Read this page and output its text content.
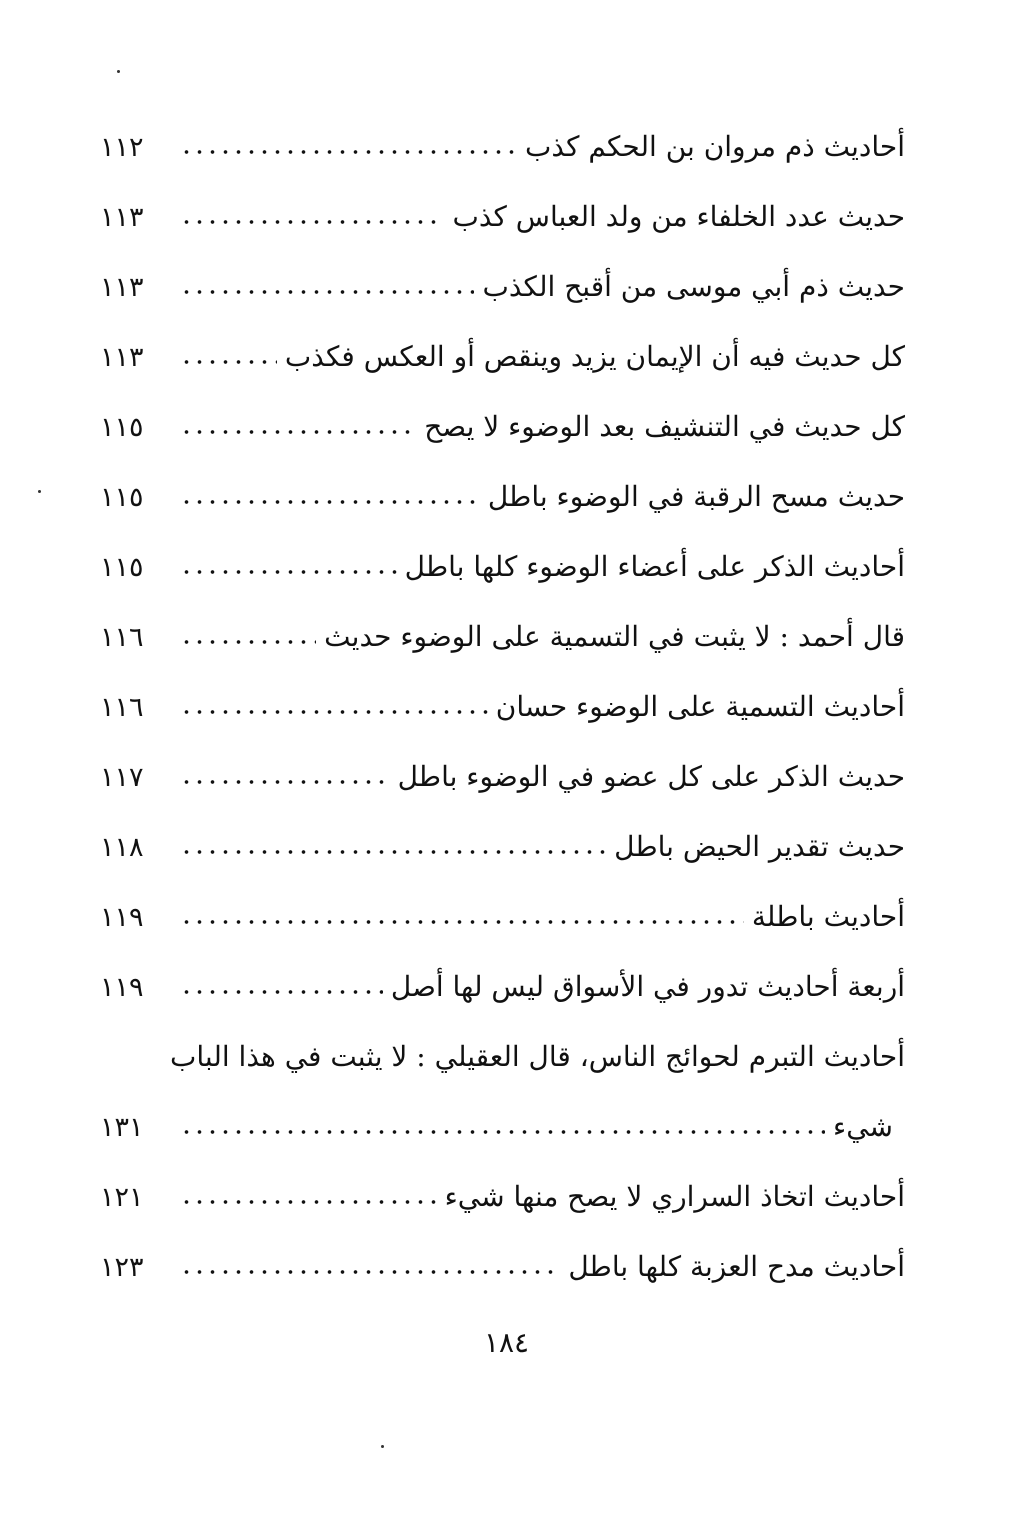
أحاديث ذم مروان بن الحكم كذب
١١٢
حديث عدد الخلفاء من ولد العباس كذب
١١٣
حديث ذم أبي موسى من أقبح الكذب
١١٣
كل حديث فيه أن الإيمان يزيد وينقص أو العكس فكذب
١١٣
كل حديث في التنشيف بعد الوضوء لا يصح
١١٥
حديث مسح الرقبة في الوضوء باطل
١١٥
أحاديث الذكر على أعضاء الوضوء كلها باطل
١١٥
قال أحمد : لا يثبت في التسمية على الوضوء حديث
١١٦
أحاديث التسمية على الوضوء حسان
١١٦
حديث الذكر على كل عضو في الوضوء باطل
١١٧
حديث تقدير الحيض باطل
١١٨
أحاديث باطلة
١١٩
أربعة أحاديث تدور في الأسواق ليس لها أصل
١١٩
أحاديث التبرم لحوائج الناس، قال العقيلي : لا يثبت في هذا الباب
شيء
١٣١
أحاديث اتخاذ السراري لا يصح منها شيء
١٢١
أحاديث مدح العزبة كلها باطل
١٢٣
١٨٤
